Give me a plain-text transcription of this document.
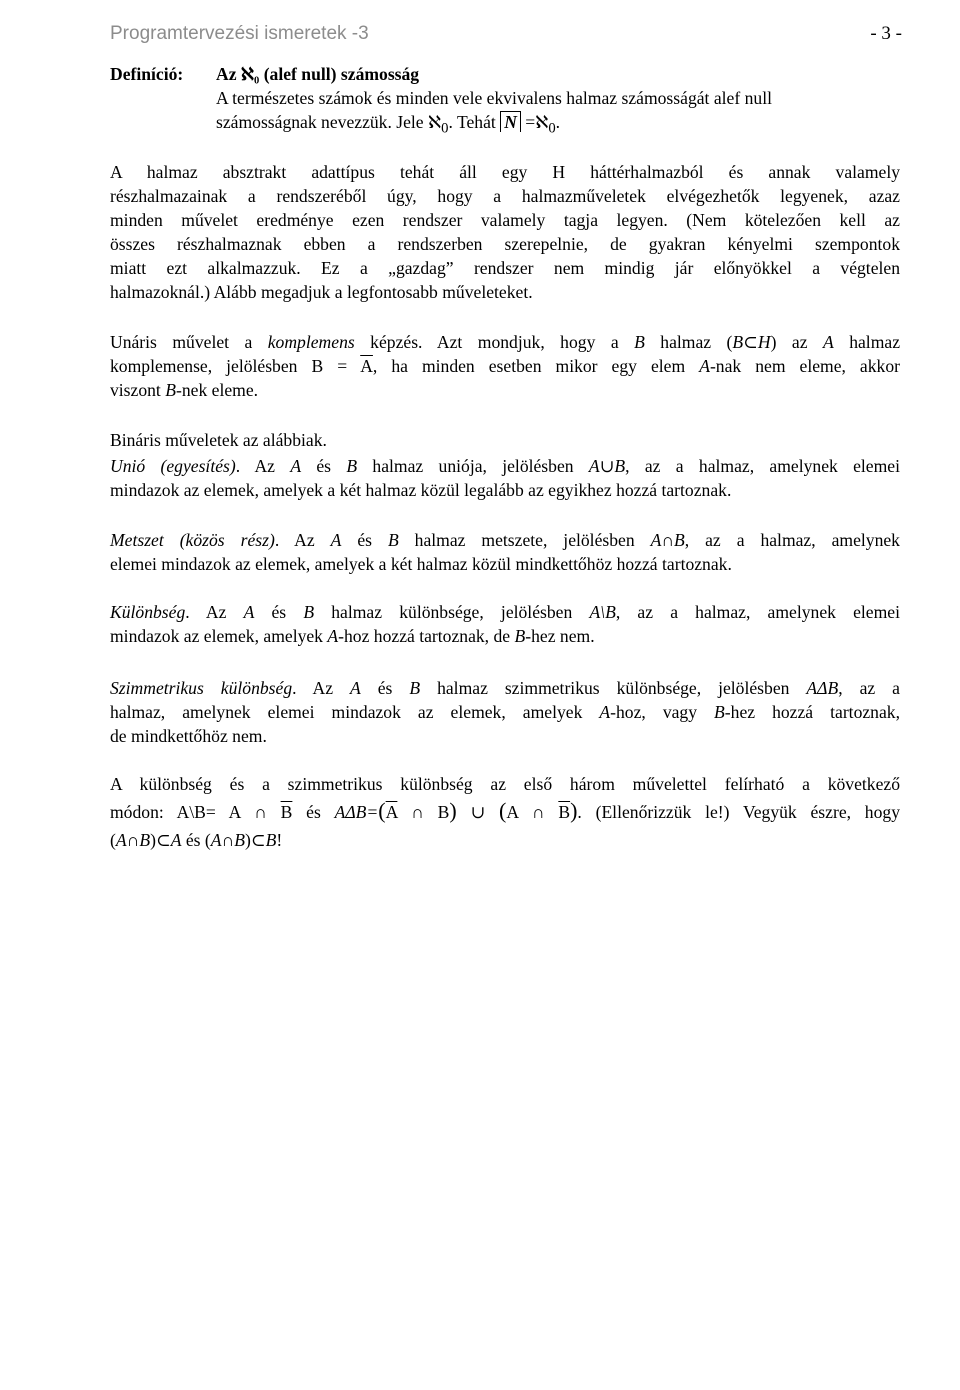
Programtervezési ismeretek -3	- 3 -
Definíció: Az ℵ₀ (alef null) számosság
A természetes számok és minden vele ekvivalens halmaz számosságát alef null
számosságnak nevezzük. Jele ℵ$_0$. Tehát N =ℵ$_0$.
A halmaz absztrakt adattípus tehát áll egy H háttérhalmazból és annak valamely
részhalmazainak a rendszeréből úgy, hogy a halmazműveletek elvégezhetők legyenek, azaz
minden művelet eredménye ezen rendszer valamely tagja legyen. (Nem kötelezően kell az
összes részhalmaznak ebben a rendszerben szerepelnie, de gyakran kényelmi szempontok
miatt ezt alkalmazzuk. Ez a „gazdag” rendszer nem mindig jár előnyökkel a végtelen
halmazoknál.) Alább megadjuk a legfontosabb műveleteket.
Unáris művelet a komplemens képzés. Azt mondjuk, hogy a B halmaz (B⊂H) az A halmaz
komplemense, jelölésben $B = \overline{A}$, ha minden esetben mikor egy elem A-nak nem eleme, akkor
viszont B-nek eleme.
Bináris műveletek az alábbiak.
Unió (egyesítés). Az A és B halmaz uniója, jelölésben A∪B, az a halmaz, amelynek elemei
mindazok az elemek, amelyek a két halmaz közül legalább az egyikhez hozzá tartoznak.
Metszet (közös rész). Az A és B halmaz metszete, jelölésben A∩B, az a halmaz, amelynek
elemei mindazok az elemek, amelyek a két halmaz közül mindkettőhöz hozzá tartoznak.
Különbség. Az A és B halmaz különbsége, jelölésben A\B, az a halmaz, amelynek elemei
mindazok az elemek, amelyek A-hoz hozzá tartoznak, de B-hez nem.
Szimmetrikus különbség. Az A és B halmaz szimmetrikus különbsége, jelölésben AΔB, az a
halmaz, amelynek elemei mindazok az elemek, amelyek A-hoz, vagy B-hez hozzá tartoznak,
de mindkettőhöz nem.
A különbség és a szimmetrikus különbség az első három művelettel felírható a következő
módon: A\B= A ∩ $\overline{B}$ és $A\Delta B=(\overline{A}$ ∩ B) ∪ (A ∩ $\overline{B}$). (Ellenőrizzük le!) Vegyük észre, hogy
(A∩B)⊂A és (A∩B)⊂B!
